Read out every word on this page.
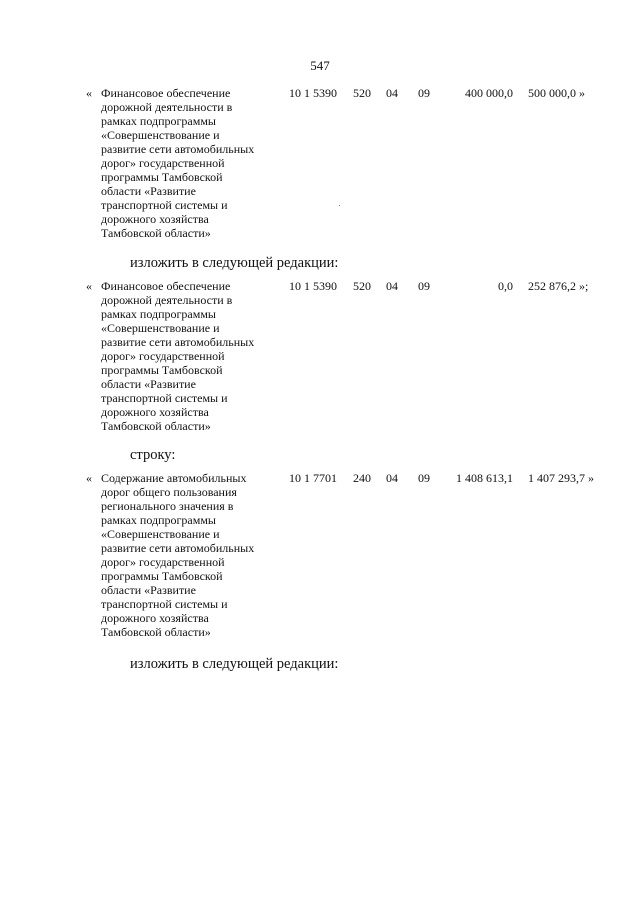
547
« Финансовое обеспечение
дорожной деятельности в
рамках подпрограммы
«Совершенствование и
развитие сети автомобильных
дорог» государственной
программы Тамбовской
области «Развитие
транспортной системы и
дорожного хозяйства
Тамбовской области»
10 1 5390 520 04 09	400 000,0 500 000,0 »
изложить в следующей редакции:
« Финансовое обеспечение
дорожной деятельности в
рамках подпрограммы
«Совершенствование и
развитие сети автомобильных
дорог» государственной
программы Тамбовской
области «Развитие
транспортной системы и
дорожного хозяйства
Тамбовской области»
10 1 5390 520 04 09	0,0 252 876,2 »;
строку:
« Содержание автомобильных
дорог общего пользования
регионального значения в
рамках подпрограммы
«Совершенствование и
развитие сети автомобильных
дорог» государственной
программы Тамбовской
области «Развитие
транспортной системы и
дорожного хозяйства
Тамбовской области»
10 1 7701 240 04 09 1 408 613,1 1 407 293,7 »
изложить в следующей редакции:
